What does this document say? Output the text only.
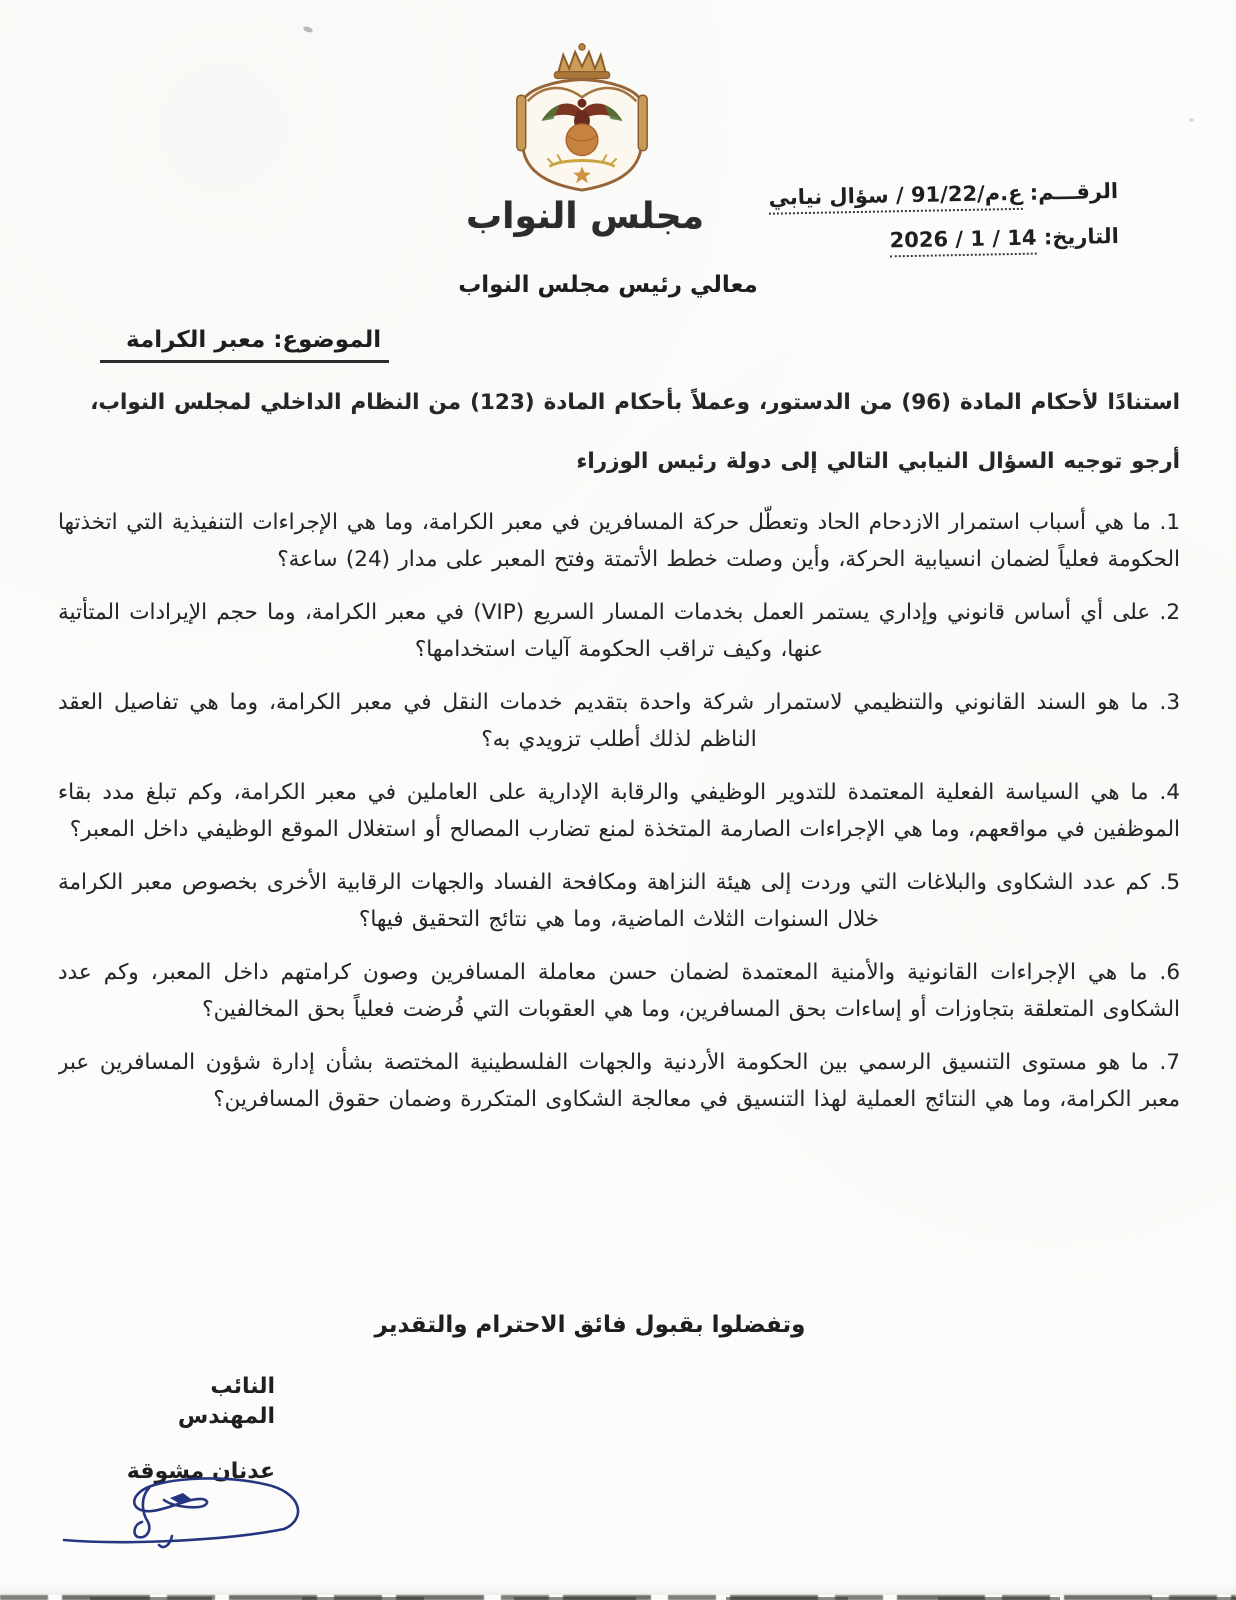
مجلس النواب
الرقـــم: ع.م/91/22 / سؤال نيابي
التاريخ: 14 / 1 / 2026
معالي رئيس مجلس النواب
الموضوع: معبر الكرامة
استنادًا لأحكام المادة (96) من الدستور، وعملاً بأحكام المادة (123) من النظام الداخلي لمجلس النواب،
أرجو توجيه السؤال النيابي التالي إلى دولة رئيس الوزراء
1. ما هي أسباب استمرار الازدحام الحاد وتعطّل حركة المسافرين في معبر الكرامة، وما هي الإجراءات التنفيذية التي اتخذتها الحكومة فعلياً لضمان انسيابية الحركة، وأين وصلت خطط الأتمتة وفتح المعبر على مدار (24) ساعة؟
2. على أي أساس قانوني وإداري يستمر العمل بخدمات المسار السريع (VIP) في معبر الكرامة، وما حجم الإيرادات المتأتية عنها، وكيف تراقب الحكومة آليات استخدامها؟
3. ما هو السند القانوني والتنظيمي لاستمرار شركة واحدة بتقديم خدمات النقل في معبر الكرامة، وما هي تفاصيل العقد الناظم لذلك أطلب تزويدي به؟
4. ما هي السياسة الفعلية المعتمدة للتدوير الوظيفي والرقابة الإدارية على العاملين في معبر الكرامة، وكم تبلغ مدد بقاء الموظفين في مواقعهم، وما هي الإجراءات الصارمة المتخذة لمنع تضارب المصالح أو استغلال الموقع الوظيفي داخل المعبر؟
5. كم عدد الشكاوى والبلاغات التي وردت إلى هيئة النزاهة ومكافحة الفساد والجهات الرقابية الأخرى بخصوص معبر الكرامة خلال السنوات الثلاث الماضية، وما هي نتائج التحقيق فيها؟
6. ما هي الإجراءات القانونية والأمنية المعتمدة لضمان حسن معاملة المسافرين وصون كرامتهم داخل المعبر، وكم عدد الشكاوى المتعلقة بتجاوزات أو إساءات بحق المسافرين، وما هي العقوبات التي فُرضت فعلياً بحق المخالفين؟
7. ما هو مستوى التنسيق الرسمي بين الحكومة الأردنية والجهات الفلسطينية المختصة بشأن إدارة شؤون المسافرين عبر معبر الكرامة، وما هي النتائج العملية لهذا التنسيق في معالجة الشكاوى المتكررة وضمان حقوق المسافرين؟
وتفضلوا بقبول فائق الاحترام والتقدير
النائب المهندس
عدنان مشوقة
